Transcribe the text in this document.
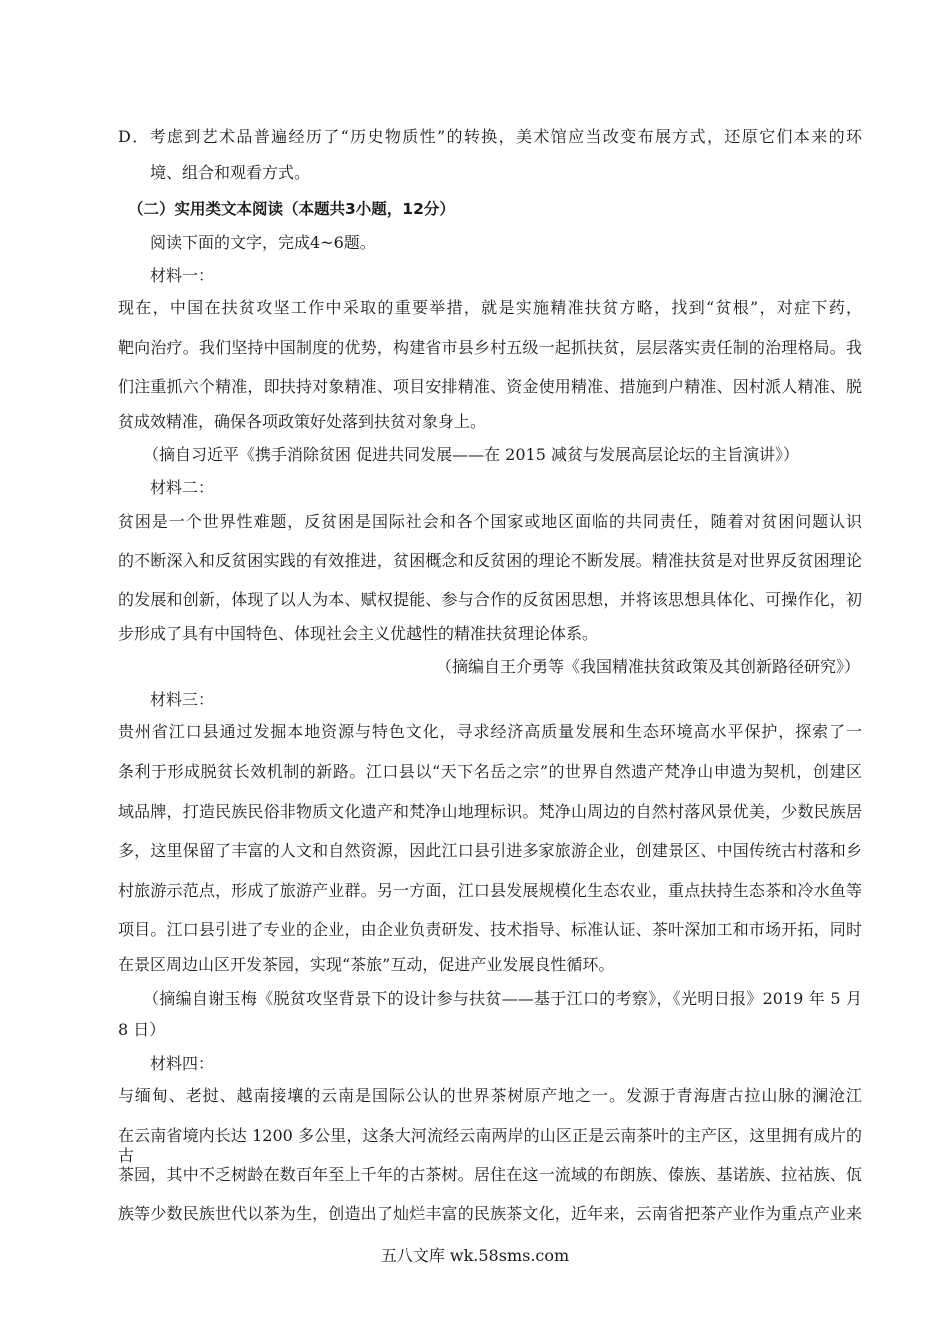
D．考虑到艺术品普遍经历了“历史物质性”的转换，美术馆应当改变布展方式，还原它们本来的环
境、组合和观看方式。
（二）实用类文本阅读（本题共3小题，12分）
阅读下面的文字，完成4~6题。
材料一：
现在，中国在扶贫攻坚工作中采取的重要举措，就是实施精准扶贫方略，找到“贫根”，对症下药，
靶向治疗。我们坚持中国制度的优势，构建省市县乡村五级一起抓扶贫，层层落实责任制的治理格局。我
们注重抓六个精准，即扶持对象精准、项目安排精准、资金使用精准、措施到户精准、因村派人精准、脱
贫成效精准，确保各项政策好处落到扶贫对象身上。
（摘自习近平《携手消除贫困 促进共同发展——在 2015 减贫与发展高层论坛的主旨演讲》）
材料二：
贫困是一个世界性难题，反贫困是国际社会和各个国家或地区面临的共同责任，随着对贫困问题认识
的不断深入和反贫困实践的有效推进，贫困概念和反贫困的理论不断发展。精准扶贫是对世界反贫困理论
的发展和创新，体现了以人为本、赋权提能、参与合作的反贫困思想，并将该思想具体化、可操作化，初
步形成了具有中国特色、体现社会主义优越性的精准扶贫理论体系。
（摘编自王介勇等《我国精准扶贫政策及其创新路径研究》）
材料三：
贵州省江口县通过发掘本地资源与特色文化，寻求经济高质量发展和生态环境高水平保护，探索了一
条利于形成脱贫长效机制的新路。江口县以“天下名岳之宗”的世界自然遗产梵净山申遗为契机，创建区
域品牌，打造民族民俗非物质文化遗产和梵净山地理标识。梵净山周边的自然村落风景优美，少数民族居
多，这里保留了丰富的人文和自然资源，因此江口县引进多家旅游企业，创建景区、中国传统古村落和乡
村旅游示范点，形成了旅游产业群。另一方面，江口县发展规模化生态农业，重点扶持生态茶和冷水鱼等
项目。江口县引进了专业的企业，由企业负责研发、技术指导、标准认证、茶叶深加工和市场开拓，同时
在景区周边山区开发茶园，实现“茶旅”互动，促进产业发展良性循环。
（摘编自谢玉梅《脱贫攻坚背景下的设计参与扶贫——基于江口的考察》，《光明日报》2019 年 5 月
8 日）
材料四：
与缅甸、老挝、越南接壤的云南是国际公认的世界茶树原产地之一。发源于青海唐古拉山脉的澜沧江
在云南省境内长达 1200 多公里，这条大河流经云南两岸的山区正是云南茶叶的主产区，这里拥有成片的古
茶园，其中不乏树龄在数百年至上千年的古茶树。居住在这一流域的布朗族、傣族、基诺族、拉祜族、佤
族等少数民族世代以茶为生，创造出了灿烂丰富的民族茶文化，近年来，云南省把茶产业作为重点产业来
五八文库 wk.58sms.com
